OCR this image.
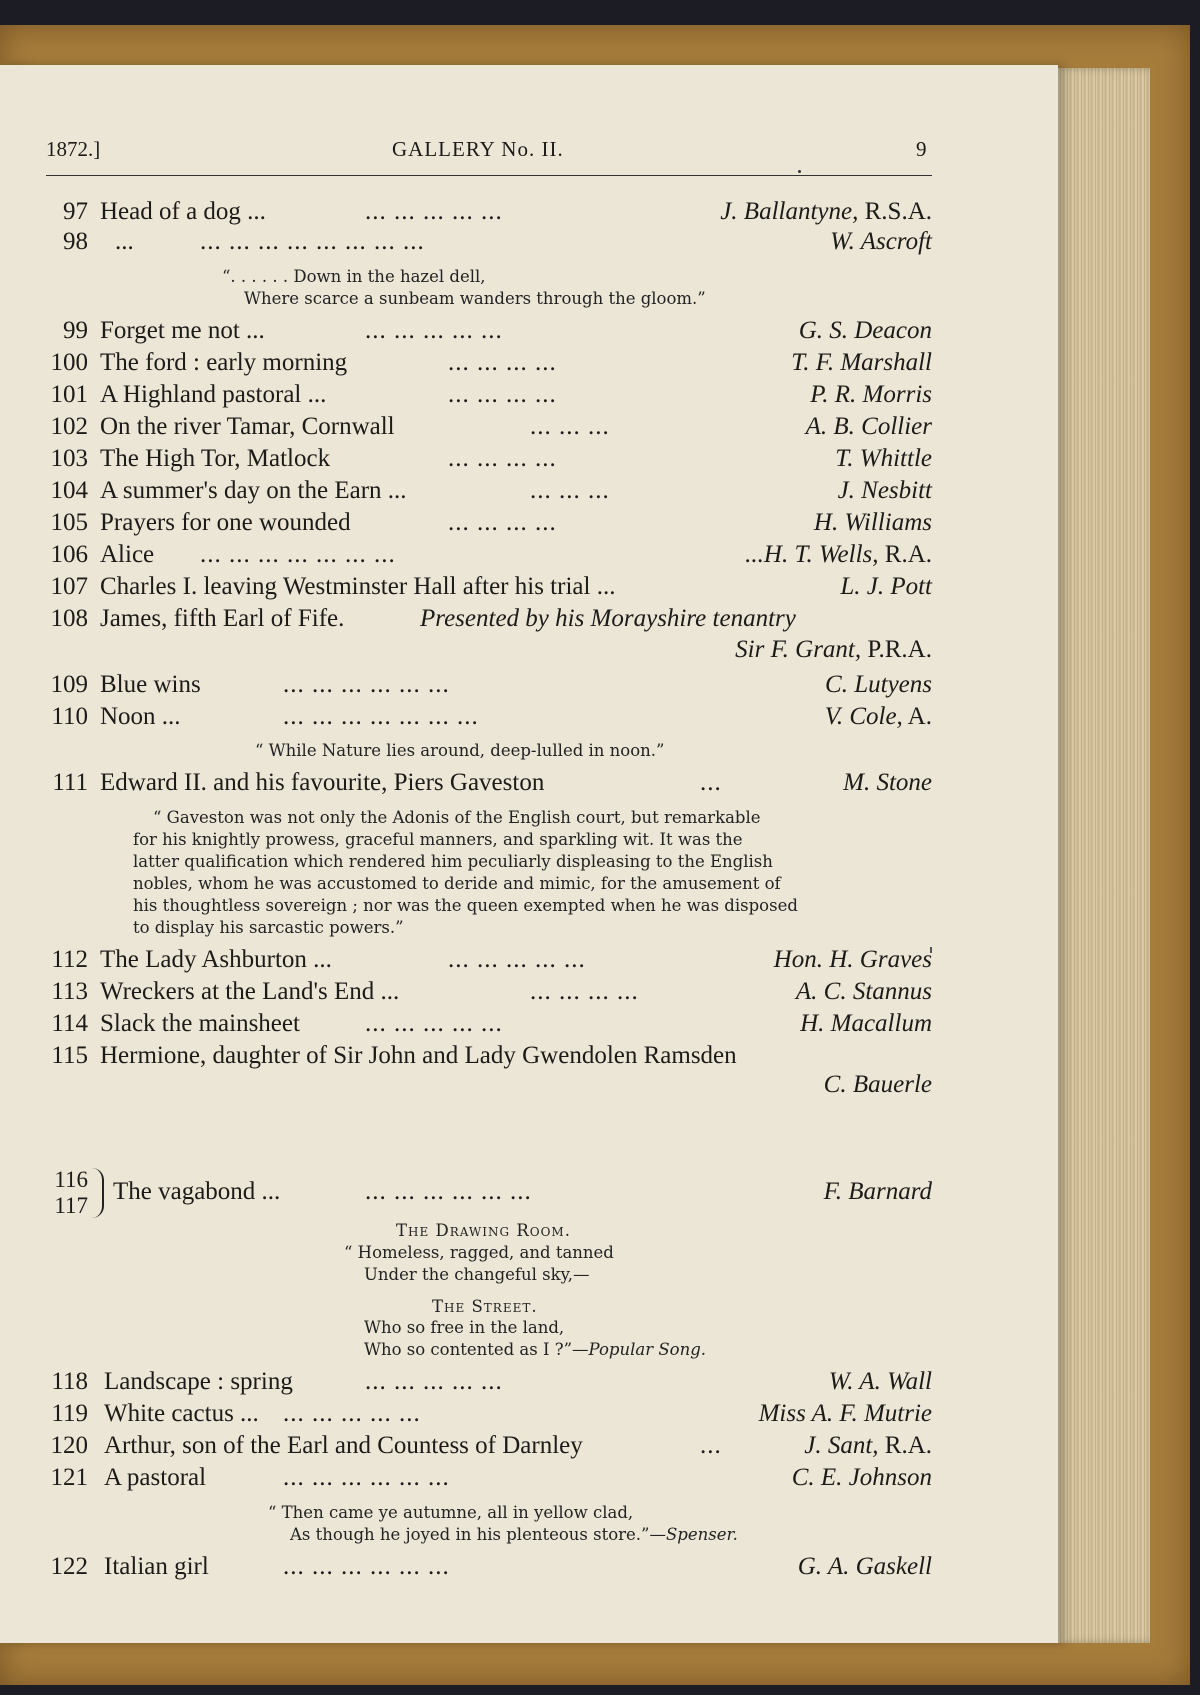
1872.]	GALLERY No. II.	9
97 Head of a dog ...	... ... ... ... ...	J. Ballantyne, R.S.A.
98 ...	... ... ... ... ... ... ... ...	W. Ascroft
“. . . . . . Down in the hazel dell,
Where scarce a sunbeam wanders through the gloom.”
99 Forget me not ...	... ... ... ... ...	G. S. Deacon
100 The ford : early morning	... ... ... ...	T. F. Marshall
101 A Highland pastoral ...	... ... ... ...	P. R. Morris
102 On the river Tamar, Cornwall	... ... ...	A. B. Collier
103 The High Tor, Matlock	... ... ... ...	T. Whittle
104 A summer's day on the Earn ...	... ... ...	J. Nesbitt
105 Prayers for one wounded	... ... ... ...	H. Williams
106 Alice ... ... ... ... ... ... ...	...H. T. Wells, R.A.
107 Charles I. leaving Westminster Hall after his trial ...	L. J. Pott
108 James, fifth Earl of Fife.	Presented by his Morayshire tenantry
Sir F. Grant, P.R.A.
109 Blue wins	... ... ... ... ... ...	C. Lutyens
110 Noon ...	... ... ... ... ... ... ...	V. Cole, A.
“ While Nature lies around, deep-lulled in noon.”
111 Edward II. and his favourite, Piers Gaveston	...	M. Stone
“ Gaveston was not only the Adonis of the English court, but remarkable
for his knightly prowess, graceful manners, and sparkling wit. It was the
latter qualification which rendered him peculiarly displeasing to the English
nobles, whom he was accustomed to deride and mimic, for the amusement of
his thoughtless sovereign ; nor was the queen exempted when he was disposed
to display his sarcastic powers.”
112 The Lady Ashburton ...	... ... ... ... ...	Hon. H. Graves
113 Wreckers at the Land's End ...	... ... ... ...	A. C. Stannus
114 Slack the mainsheet	... ... ... ... ...	H. Macallum
115 Hermione, daughter of Sir John and Lady Gwendolen Ramsden
C. Bauerle
116
117
The vagabond ...	... ... ... ... ... ...	F. Barnard
The Drawing Room.
“ Homeless, ragged, and tanned
Under the changeful sky,—
The Street.
Who so free in the land,
Who so contented as I ?”—Popular Song.
118 Landscape : spring	... ... ... ... ...	W. A. Wall
119 White cactus ... ... ... ... ... ...	Miss A. F. Mutrie
120 Arthur, son of the Earl and Countess of Darnley	...	J. Sant, R.A.
121 A pastoral	... ... ... ... ... ...	C. E. Johnson
“ Then came ye autumne, all in yellow clad,
As though he joyed in his plenteous store.”—Spenser.
122 Italian girl	... ... ... ... ... ...	G. A. Gaskell
